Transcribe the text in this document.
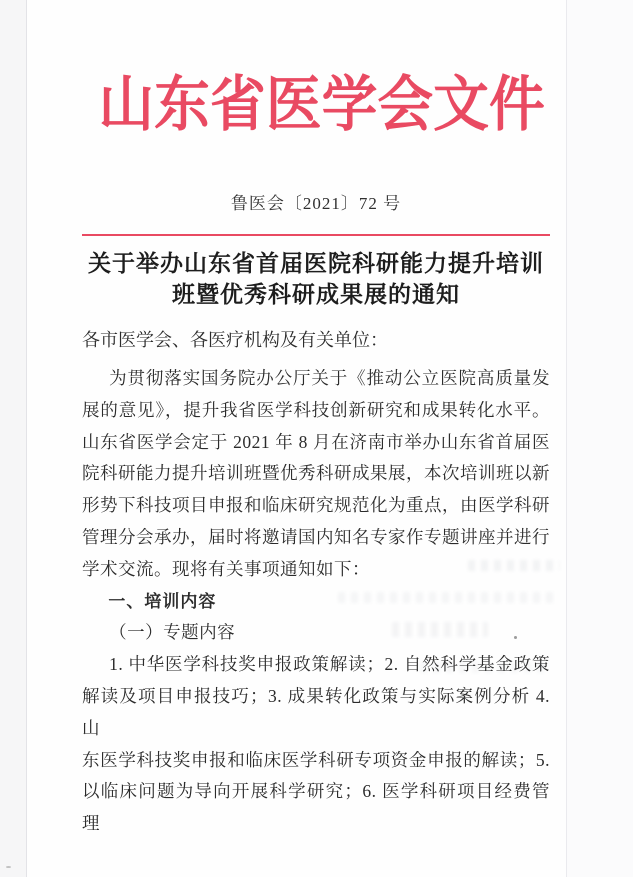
山东省医学会文件
鲁医会〔2021〕72 号
关于举办山东省首届医院科研能力提升培训
班暨优秀科研成果展的通知

各市医学会、各医疗机构及有关单位：

为贯彻落实国务院办公厅关于《推动公立医院高质量发

展的意见》，提升我省医学科技创新研究和成果转化水平。

山东省医学会定于 2021 年 8 月在济南市举办山东省首届医

院科研能力提升培训班暨优秀科研成果展，本次培训班以新

形势下科技项目申报和临床研究规范化为重点，由医学科研

管理分会承办，届时将邀请国内知名专家作专题讲座并进行

学术交流。现将有关事项通知如下：

一、培训内容

（一）专题内容

1. 中华医学科技奖申报政策解读；2. 自然科学基金政策

解读及项目申报技巧；3. 成果转化政策与实际案例分析 4. 山

东医学科技奖申报和临床医学科研专项资金申报的解读；5.

以临床问题为导向开展科学研究；6. 医学科研项目经费管理
